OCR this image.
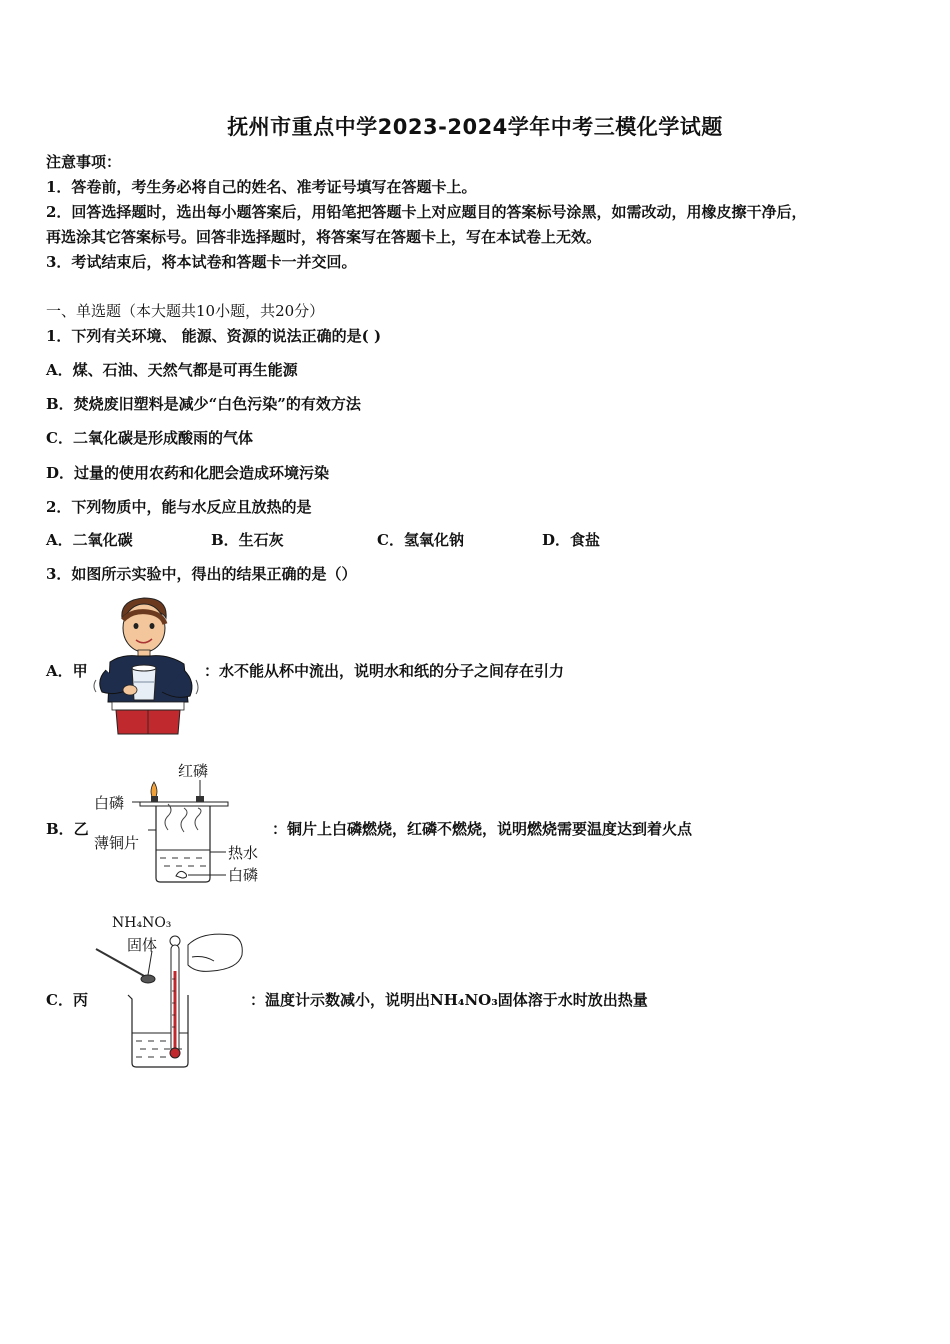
抚州市重点中学2023-2024学年中考三模化学试题
注意事项：
1．答卷前，考生务必将自己的姓名、准考证号填写在答题卡上。
2．回答选择题时，选出每小题答案后，用铅笔把答题卡上对应题目的答案标号涂黑，如需改动，用橡皮擦干净后，
再选涂其它答案标号。回答非选择题时，将答案写在答题卡上，写在本试卷上无效。
3．考试结束后，将本试卷和答题卡一并交回。
一、单选题（本大题共10小题，共20分）
1．下列有关环境、 能源、资源的说法正确的是( )
A．煤、石油、天然气都是可再生能源
B．焚烧废旧塑料是减少“白色污染”的有效方法
C．二氧化碳是形成酸雨的气体
D．过量的使用农药和化肥会造成环境污染
2．下列物质中，能与水反应且放热的是
A．二氧化碳	B．生石灰	C．氢氧化钠	D．食盐
3．如图所示实验中，得出的结果正确的是（）
A．甲	：水不能从杯中流出，说明水和纸的分子之间存在引力
B．乙
红磷
白磷
薄铜片
热水
白磷
：铜片上白磷燃烧，红磷不燃烧，说明燃烧需要温度达到着火点
C．丙
NH₄NO₃
固体
：温度计示数减小，说明出NH₄NO₃固体溶于水时放出热量
